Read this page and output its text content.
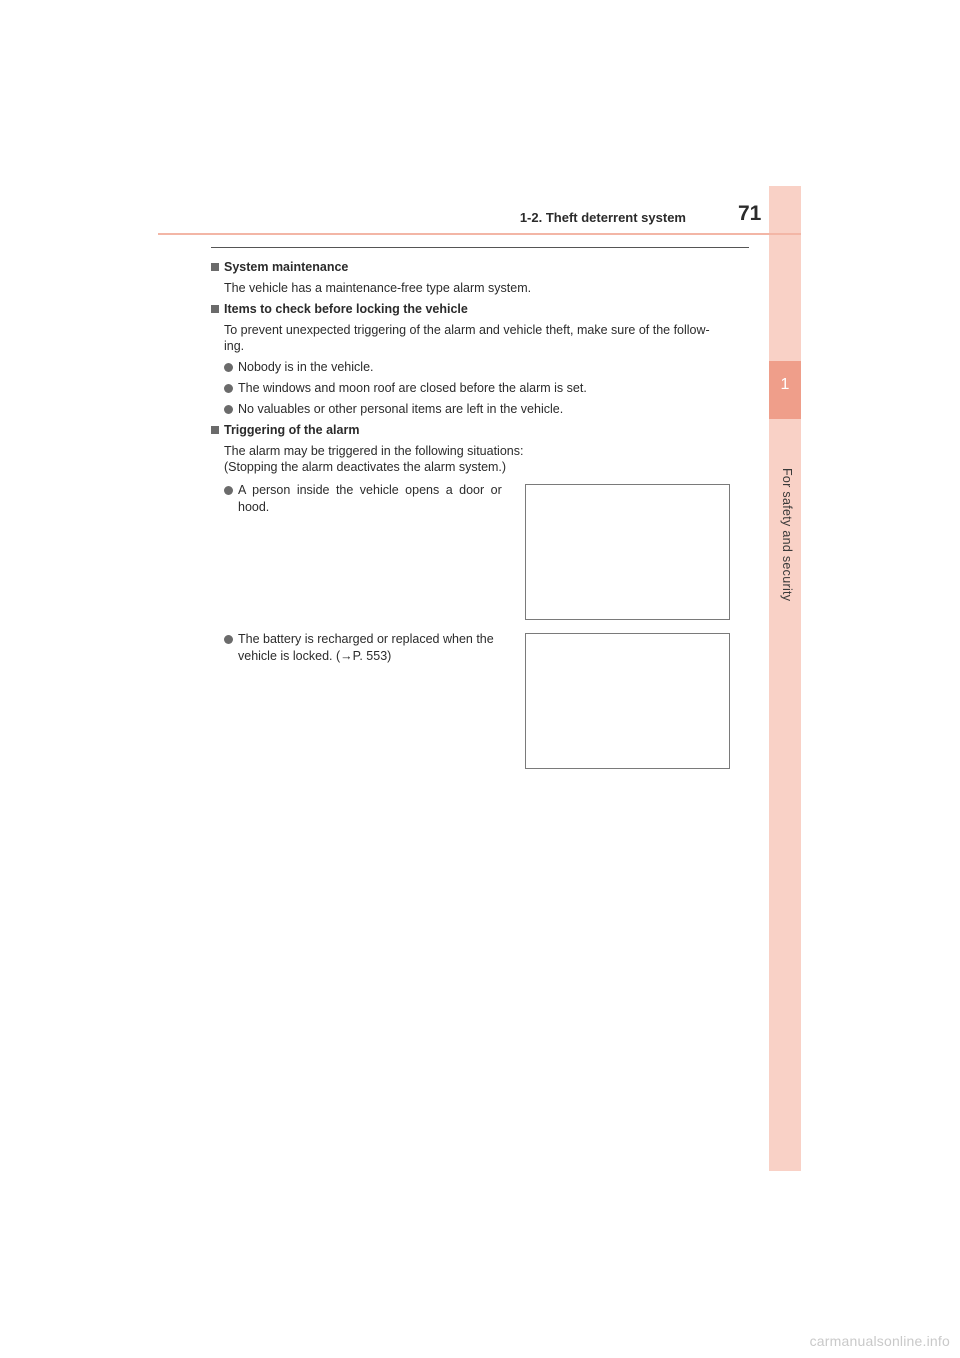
1
For safety and security
1-2. Theft deterrent system 71
System maintenance
The vehicle has a maintenance-free type alarm system.
Items to check before locking the vehicle
To prevent unexpected triggering of the alarm and vehicle theft, make sure of the follow-
ing.
Nobody is in the vehicle.
The windows and moon roof are closed before the alarm is set.
No valuables or other personal items are left in the vehicle.
Triggering of the alarm
The alarm may be triggered in the following situations:
(Stopping the alarm deactivates the alarm system.)
A person inside the vehicle opens a door or
hood.
The battery is recharged or replaced when the
vehicle is locked. (→P. 553)
carmanualsonline.info
